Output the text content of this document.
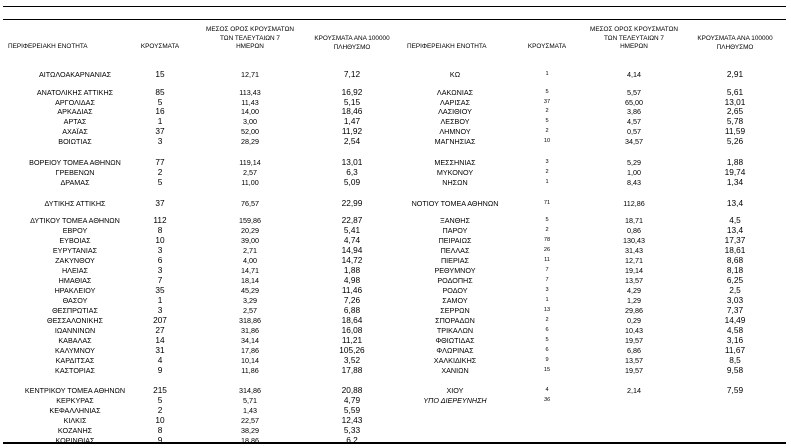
ΠΕΡΙΦΕΡΕΙΑΚΗ ΕΝΟΤΗΤΑ	ΚΡΟΥΣΜΑΤΑ
ΜΕΣΟΣ ΟΡΟΣ ΚΡΟΥΣΜΑΤΩΝ
ΤΩΝ ΤΕΛΕΥΤΑΙΩΝ 7
ΗΜΕΡΩΝ
ΚΡΟΥΣΜΑΤΑ ΑΝΑ 100000
ΠΛΗΘΥΣΜΟ	ΠΕΡΙΦΕΡΕΙΑΚΗ ΕΝΟΤΗΤΑ	ΚΡΟΥΣΜΑΤΑ
ΜΕΣΟΣ ΟΡΟΣ ΚΡΟΥΣΜΑΤΩΝ
ΤΩΝ ΤΕΛΕΥΤΑΙΩΝ 7
ΗΜΕΡΩΝ
ΚΡΟΥΣΜΑΤΑ ΑΝΑ 100000
ΠΛΗΘΥΣΜΟ
ΑΙΤΩΛΟΑΚΑΡΝΑΝΙΑΣ	15	12,71	7,12
ΑΝΑΤΟΛΙΚΗΣ ΑΤΤΙΚΗΣ	85	113,43	16,92
ΑΡΓΟΛΙΔΑΣ	5	11,43	5,15
ΑΡΚΑΔΙΑΣ	16	14,00	18,46
ΑΡΤΑΣ	1	3,00	1,47
ΑΧΑΪΑΣ	37	52,00	11,92
ΒΟΙΩΤΙΑΣ	3	28,29	2,54
ΒΟΡΕΙΟΥ ΤΟΜΕΑ ΑΘΗΝΩΝ	77	119,14	13,01
ΓΡΕΒΕΝΩΝ	2	2,57	6,3
ΔΡΑΜΑΣ	5	11,00	5,09
ΔΥΤΙΚΗΣ ΑΤΤΙΚΗΣ	37	76,57	22,99
ΔΥΤΙΚΟΥ ΤΟΜΕΑ ΑΘΗΝΩΝ	112	159,86	22,87
ΕΒΡΟΥ	8	20,29	5,41
ΕΥΒΟΙΑΣ	10	39,00	4,74
ΕΥΡΥΤΑΝΙΑΣ	3	2,71	14,94
ΖΑΚΥΝΘΟΥ	6	4,00	14,72
ΗΛΕΙΑΣ	3	14,71	1,88
ΗΜΑΘΙΑΣ	7	18,14	4,98
ΗΡΑΚΛΕΙΟΥ	35	45,29	11,46
ΘΑΣΟΥ	1	3,29	7,26
ΘΕΣΠΡΩΤΙΑΣ	3	2,57	6,88
ΘΕΣΣΑΛΟΝΙΚΗΣ	207	318,86	18,64
ΙΩΑΝΝΙΝΩΝ	27	31,86	16,08
ΚΑΒΑΛΑΣ	14	34,14	11,21
ΚΑΛΥΜΝΟΥ	31	17,86	105,26
ΚΑΡΔΙΤΣΑΣ	4	10,14	3,52
ΚΑΣΤΟΡΙΑΣ	9	11,86	17,88
ΚΕΝΤΡΙΚΟΥ ΤΟΜΕΑ ΑΘΗΝΩΝ	215	314,86	20,88
ΚΕΡΚΥΡΑΣ	5	5,71	4,79
ΚΕΦΑΛΛΗΝΙΑΣ	2	1,43	5,59
ΚΙΛΚΙΣ	10	22,57	12,43
ΚΟΖΑΝΗΣ	8	38,29	5,33
ΚΟΡΙΝΘΙΑΣ	9	18,86	6,2
ΚΩ	1	4,14	2,91
ΛΑΚΩΝΙΑΣ	5	5,57	5,61
ΛΑΡΙΣΑΣ	37	65,00	13,01
ΛΑΣΙΘΙΟΥ	2	3,86	2,65
ΛΕΣΒΟΥ	5	4,57	5,78
ΛΗΜΝΟΥ	2	0,57	11,59
ΜΑΓΝΗΣΙΑΣ	10	34,57	5,26
ΜΕΣΣΗΝΙΑΣ	3	5,29	1,88
ΜΥΚΟΝΟΥ	2	1,00	19,74
ΝΗΣΩΝ	1	8,43	1,34
ΝΟΤΙΟΥ ΤΟΜΕΑ ΑΘΗΝΩΝ	71	112,86	13,4
ΞΑΝΘΗΣ	5	18,71	4,5
ΠΑΡΟΥ	2	0,86	13,4
ΠΕΙΡΑΙΩΣ	78	130,43	17,37
ΠΕΛΛΑΣ	26	31,43	18,61
ΠΙΕΡΙΑΣ	11	12,71	8,68
ΡΕΘΥΜΝΟΥ	7	19,14	8,18
ΡΟΔΟΠΗΣ	7	13,57	6,25
ΡΟΔΟΥ	3	4,29	2,5
ΣΑΜΟΥ	1	1,29	3,03
ΣΕΡΡΩΝ	13	29,86	7,37
ΣΠΟΡΑΔΩΝ	2	0,29	14,49
ΤΡΙΚΑΛΩΝ	6	10,43	4,58
ΦΘΙΩΤΙΔΑΣ	5	19,57	3,16
ΦΛΩΡΙΝΑΣ	6	6,86	11,67
ΧΑΛΚΙΔΙΚΗΣ	9	13,57	8,5
ΧΑΝΙΩΝ	15	19,57	9,58
ΧΙΟΥ	4	2,14	7,59
ΥΠΟ ΔΙΕΡΕΥΝΗΣΗ	36
